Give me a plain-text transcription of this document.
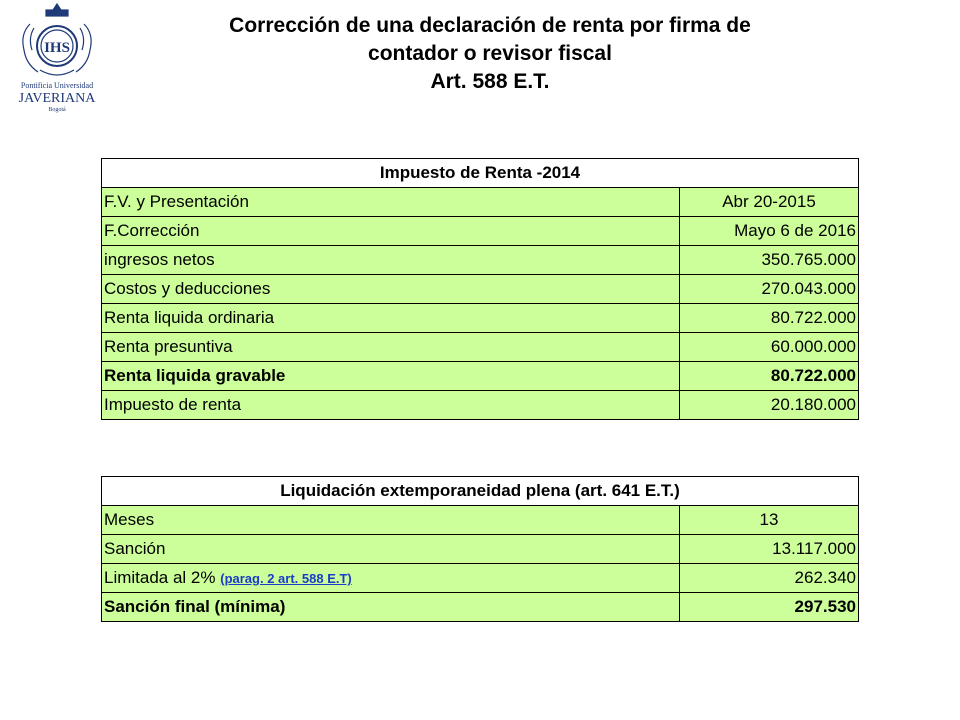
IHS
Pontificia Universidad
JAVERIANA
Bogotá
Corrección de una declaración de renta por firma de
contador o revisor fiscal
Art. 588 E.T.
Impuesto de Renta -2014	
F.V. y Presentación	Abr 20-2015
F.Corrección	Mayo 6 de 2016
ingresos netos	350.765.000
Costos y deducciones	270.043.000
Renta liquida ordinaria	80.722.000
Renta presuntiva	60.000.000
Renta liquida gravable	80.722.000
Impuesto de renta	20.180.000
Liquidación extemporaneidad plena (art. 641 E.T.)	
Meses	13
Sanción	13.117.000
Limitada al 2% (parag. 2 art. 588 E.T)	262.340
Sanción final (mínima)	297.530
